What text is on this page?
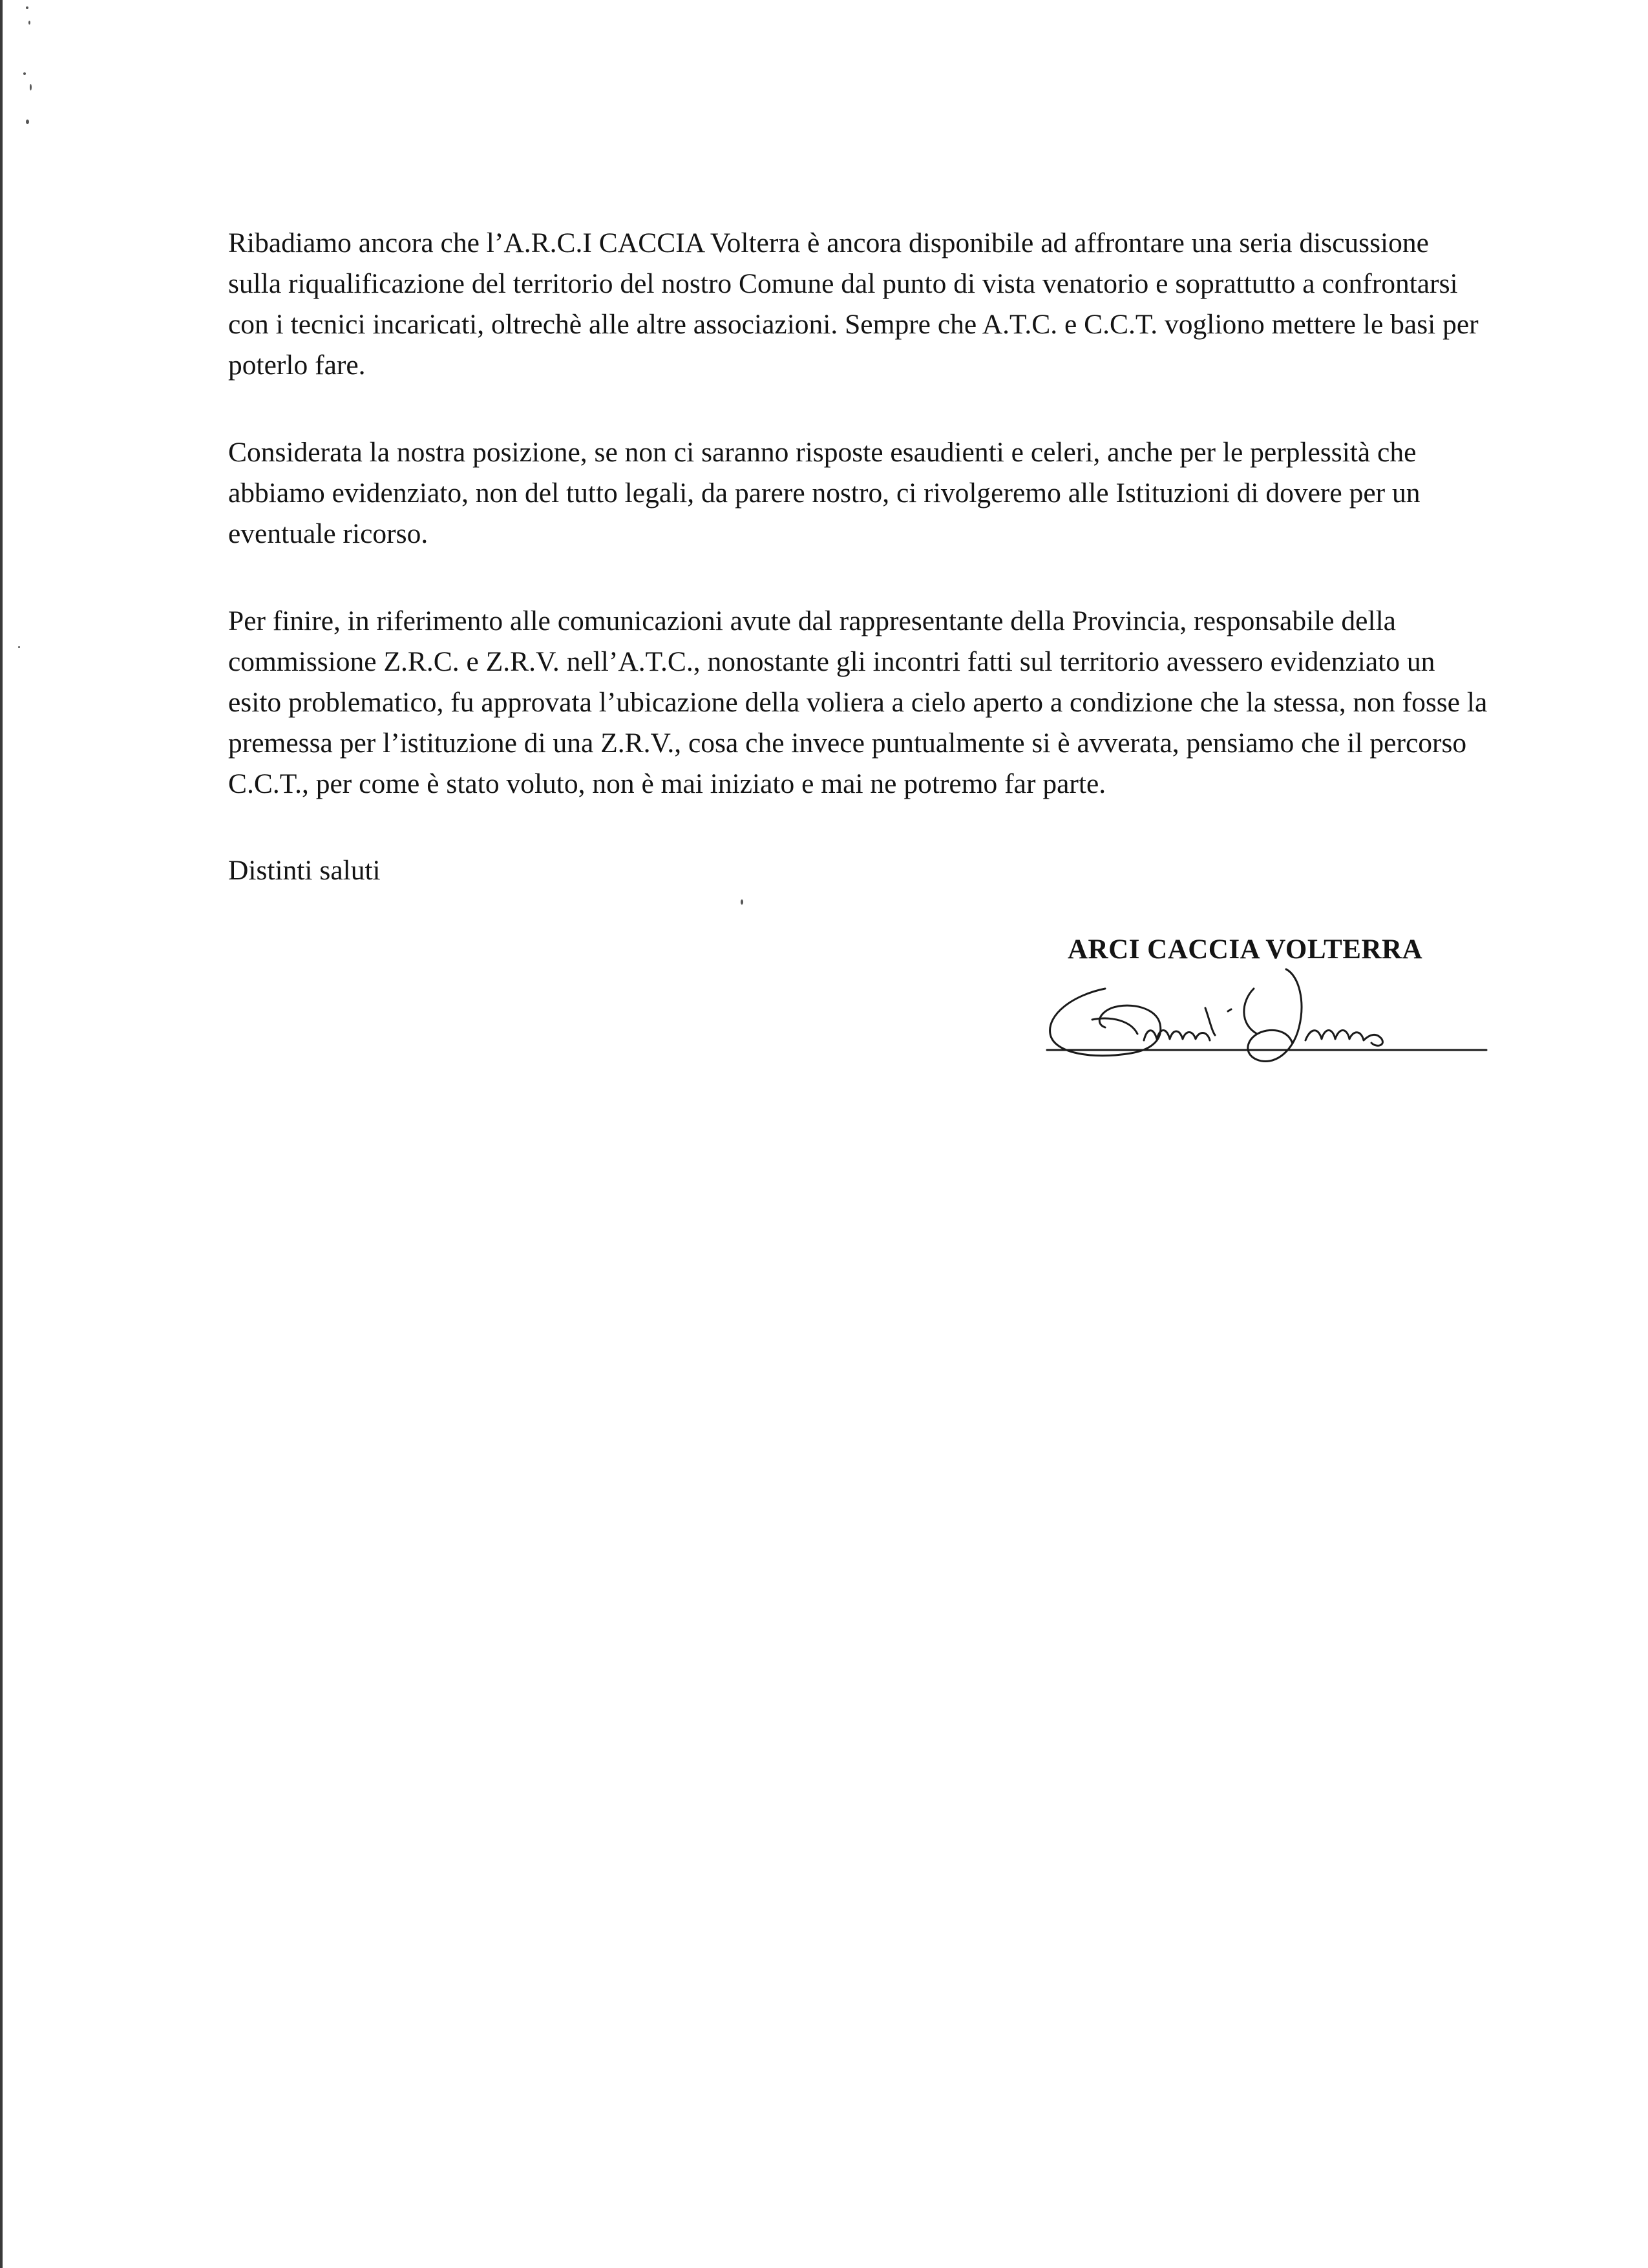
Ribadiamo ancora che l’A.R.C.I CACCIA Volterra è ancora disponibile ad affrontare una seria discussione sulla riqualificazione del territorio del nostro Comune dal punto di vista venatorio e soprattutto a confrontarsi con i tecnici incaricati, oltrechè alle altre associazioni. Sempre che A.T.C. e C.C.T. vogliono mettere le basi per poterlo fare.

Considerata la nostra posizione, se non ci saranno risposte esaudienti e celeri, anche per le perplessità che abbiamo evidenziato, non del tutto legali, da parere nostro, ci rivolgeremo alle Istituzioni di dovere per un eventuale ricorso.

Per finire, in riferimento alle comunicazioni avute dal rappresentante della Provincia, responsabile della commissione Z.R.C. e Z.R.V. nell’A.T.C., nonostante gli incontri fatti sul territorio avessero evidenziato un esito problematico, fu approvata l’ubicazione della voliera a cielo aperto a condizione che la stessa, non fosse la premessa per l’istituzione di una Z.R.V., cosa che invece puntualmente si è avverata, pensiamo che il percorso C.C.T., per come è stato voluto, non è mai iniziato e mai ne potremo far parte.

Distinti saluti
ARCI CACCIA VOLTERRA
